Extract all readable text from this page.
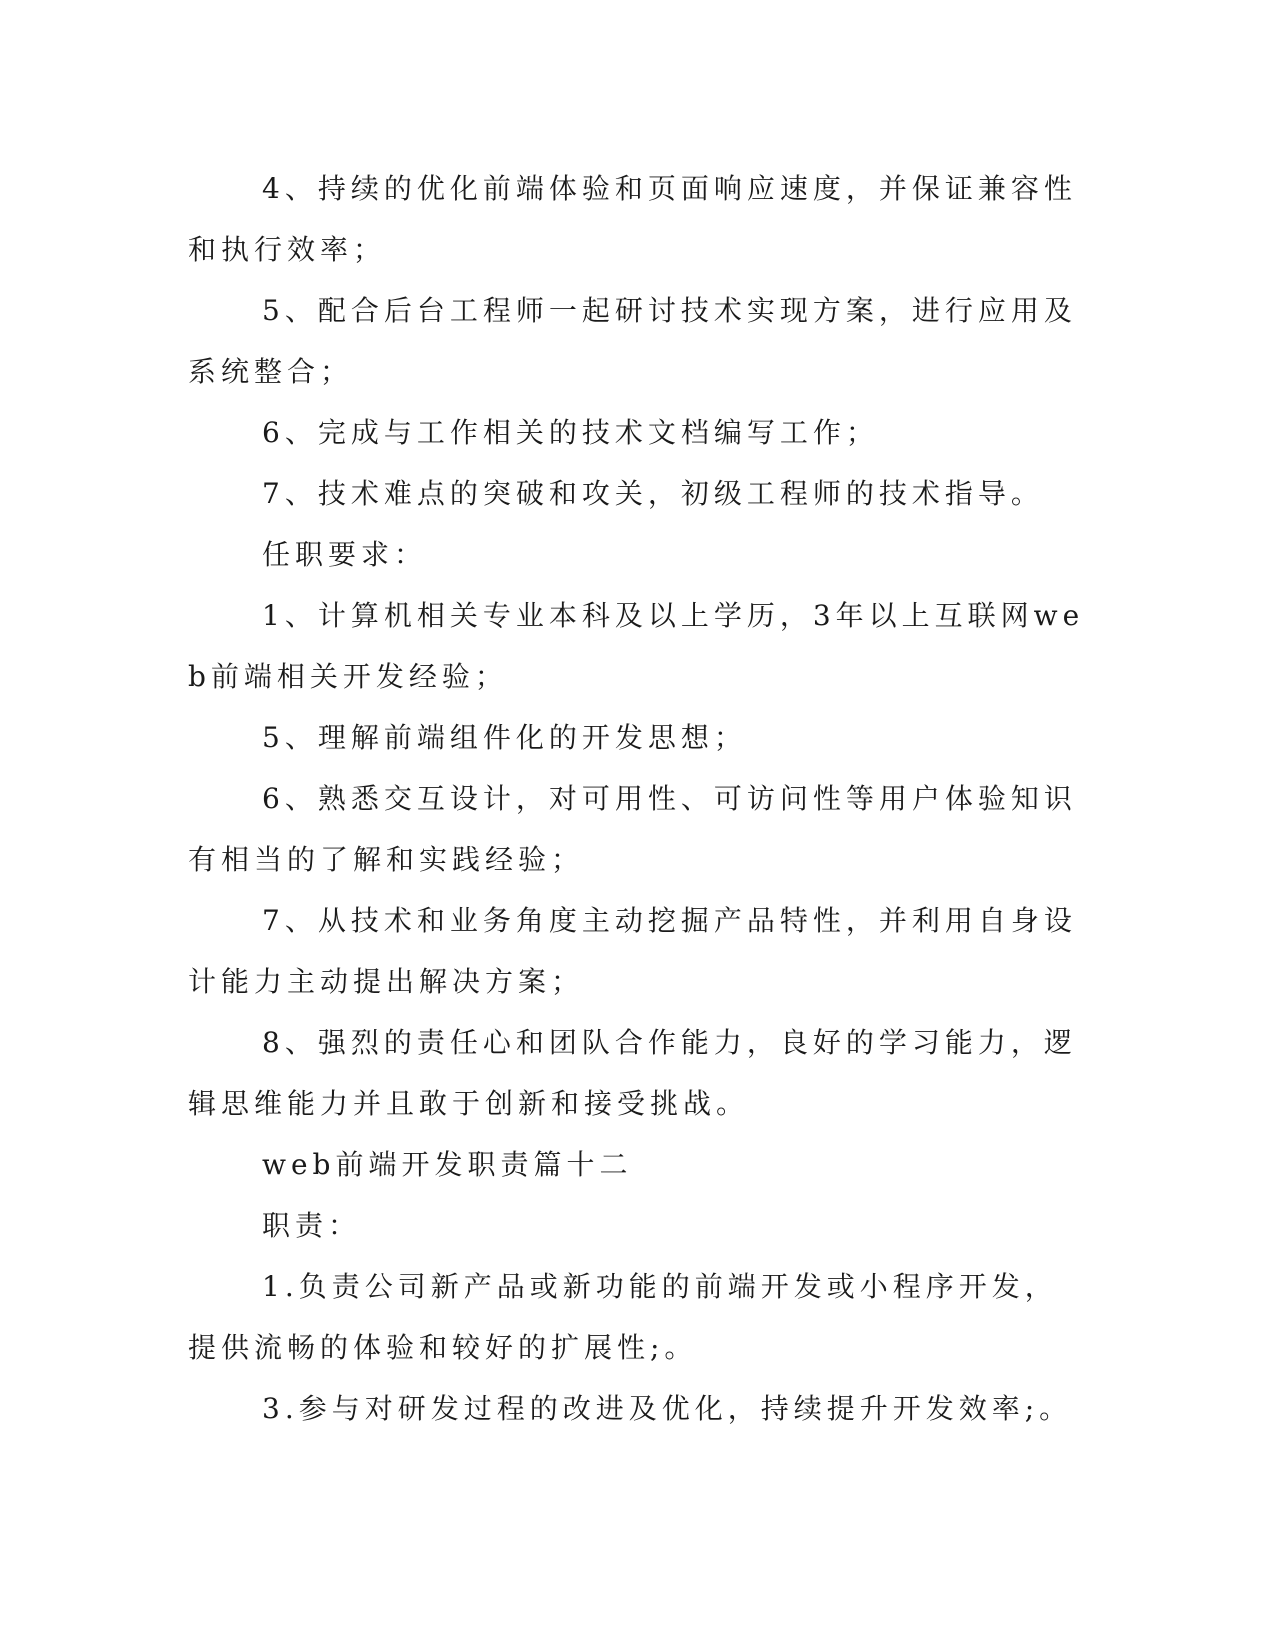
4、持续的优化前端体验和页面响应速度，并保证兼容性和执行效率；

5、配合后台工程师一起研讨技术实现方案，进行应用及系统整合；

6、完成与工作相关的技术文档编写工作；

7、技术难点的突破和攻关，初级工程师的技术指导。

任职要求：

1、计算机相关专业本科及以上学历，3年以上互联网web前端相关开发经验；

5、理解前端组件化的开发思想；

6、熟悉交互设计，对可用性、可访问性等用户体验知识有相当的了解和实践经验；

7、从技术和业务角度主动挖掘产品特性，并利用自身设计能力主动提出解决方案；

8、强烈的责任心和团队合作能力，良好的学习能力，逻辑思维能力并且敢于创新和接受挑战。

web前端开发职责篇十二

职责：

1.负责公司新产品或新功能的前端开发或小程序开发，提供流畅的体验和较好的扩展性;。

3.参与对研发过程的改进及优化，持续提升开发效率;。
